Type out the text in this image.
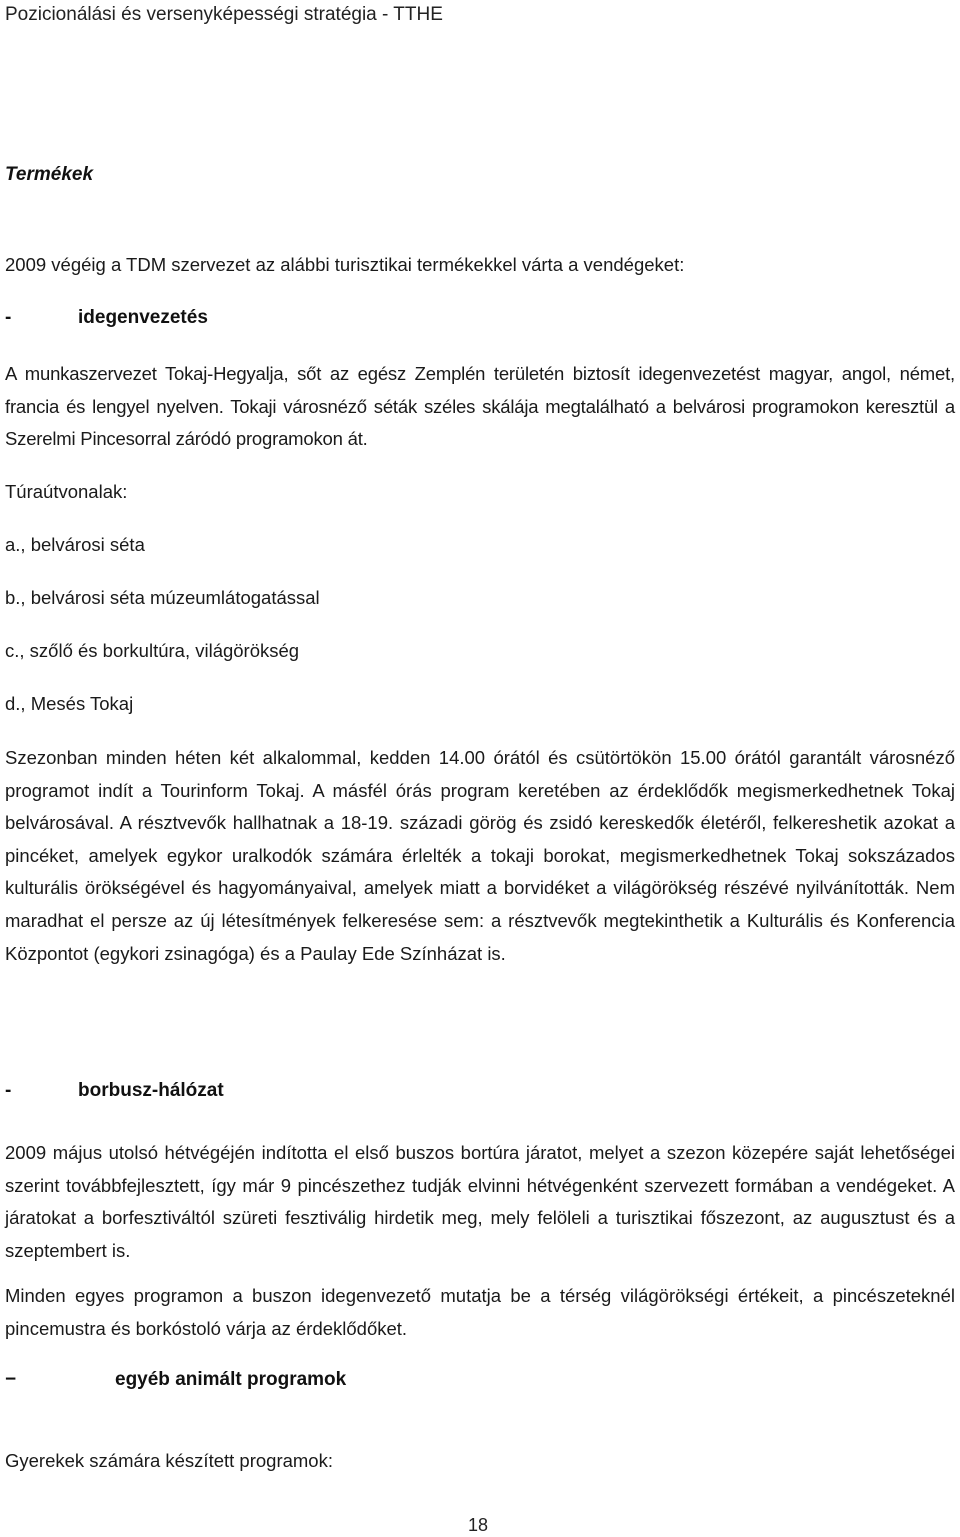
Pozicionálási és versenyképességi stratégia - TTHE
Termékek
2009 végéig a TDM szervezet az alábbi turisztikai termékekkel várta a vendégeket:
-	idegenvezetés

A munkaszervezet Tokaj-Hegyalja, sőt az egész Zemplén területén biztosít idegenvezetést magyar, angol, német, francia és lengyel nyelven. Tokaji városnéző séták széles skálája megtalálható a belvárosi programokon keresztül a Szerelmi Pincesorral záródó programokon át.

Túraútvonalak:
a., belvárosi séta
b., belvárosi séta múzeumlátogatással
c., szőlő és borkultúra, világörökség
d., Mesés Tokaj

Szezonban minden héten két alkalommal, kedden 14.00 órától és csütörtökön 15.00 órától garantált városnéző programot indít a Tourinform Tokaj. A másfél órás program keretében az érdeklődők megismerkedhetnek Tokaj belvárosával. A résztvevők hallhatnak a 18-19. századi görög és zsidó kereskedők életéről, felkereshetik azokat a pincéket, amelyek egykor uralkodók számára érlelték a tokaji borokat, megismerkedhetnek Tokaj sokszázados kulturális örökségével és hagyományaival, amelyek miatt a borvidéket a világörökség részévé nyilvánították. Nem maradhat el persze az új létesítmények felkeresése sem: a résztvevők megtekinthetik a Kulturális és Konferencia Központot (egykori zsinagóga) és a Paulay Ede Színházat is.

-	borbusz-hálózat

2009 május utolsó hétvégéjén indította el első buszos bortúra járatot, melyet a szezon közepére saját lehetőségei szerint továbbfejlesztett, így már 9 pincészethez tudják elvinni hétvégenként szervezett formában a vendégeket. A járatokat a borfesztiváltól szüreti fesztiválig hirdetik meg, mely felöleli a turisztikai főszezont, az augusztust és a szeptembert is.

Minden egyes programon a buszon idegenvezető mutatja be a térség világörökségi értékeit, a pincészeteknél pincemustra és borkóstoló várja az érdeklődőket.

−	egyéb animált programok
Gyerekek számára készített programok:
18
